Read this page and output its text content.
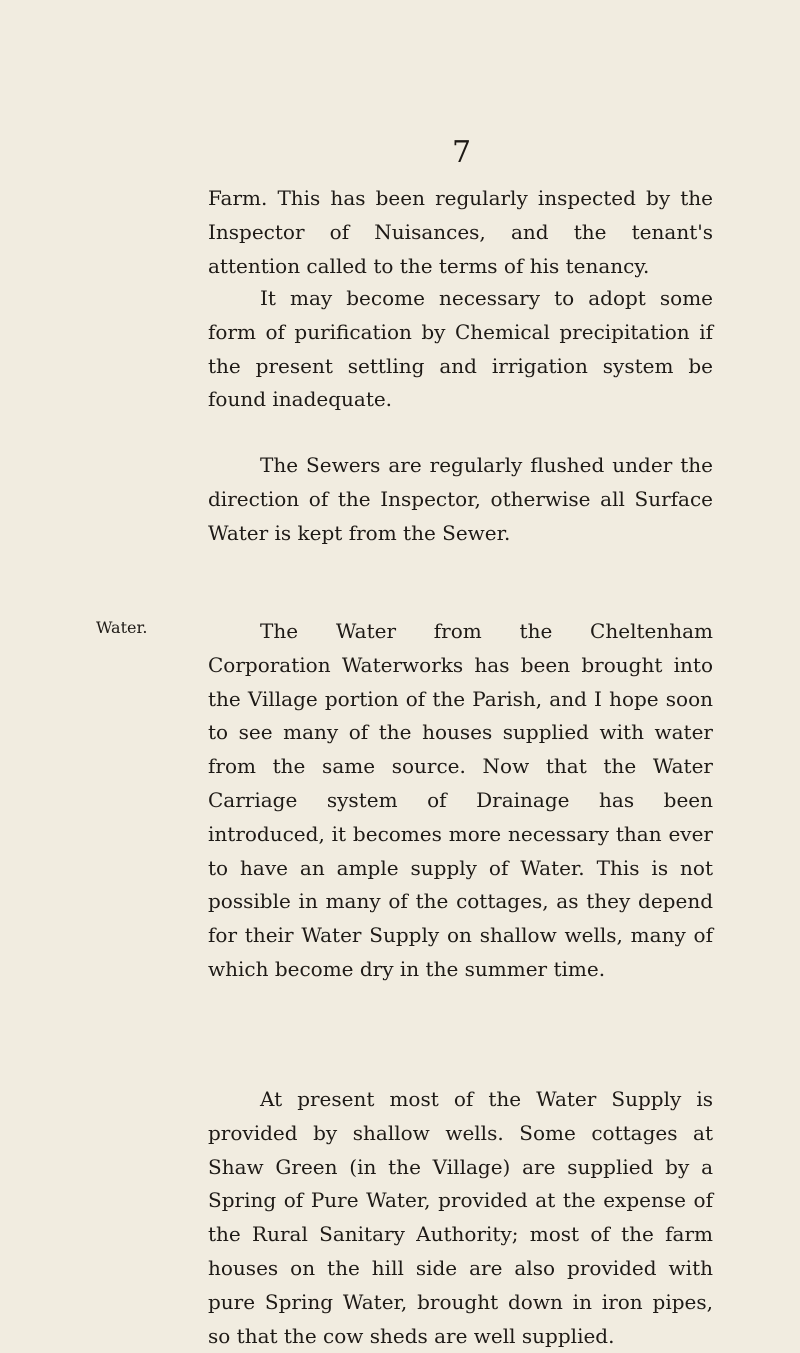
7

Farm. This has been regularly inspected by the Inspector of Nuisances, and the tenant's attention called to the terms of his tenancy.

It may become necessary to adopt some form of purification by Chemical precipitation if the present settling and irrigation system be found inadequate.

The Sewers are regularly flushed under the direction of the Inspector, otherwise all Surface Water is kept from the Sewer.

Water.	The Water from the Cheltenham Corporation Waterworks has been brought into the Village portion of the Parish, and I hope soon to see many of the houses supplied with water from the same source. Now that the Water Carriage system of Drainage has been introduced, it becomes more necessary than ever to have an ample supply of Water. This is not possible in many of the cottages, as they depend for their Water Supply on shallow wells, many of which become dry in the summer time.

At present most of the Water Supply is provided by shallow wells. Some cottages at Shaw Green (in the Village) are supplied by a Spring of Pure Water, provided at the expense of the Rural Sanitary Authority; most of the farm houses on the hill side are also provided with pure Spring Water, brought down in iron pipes, so that the cow sheds are well supplied.
